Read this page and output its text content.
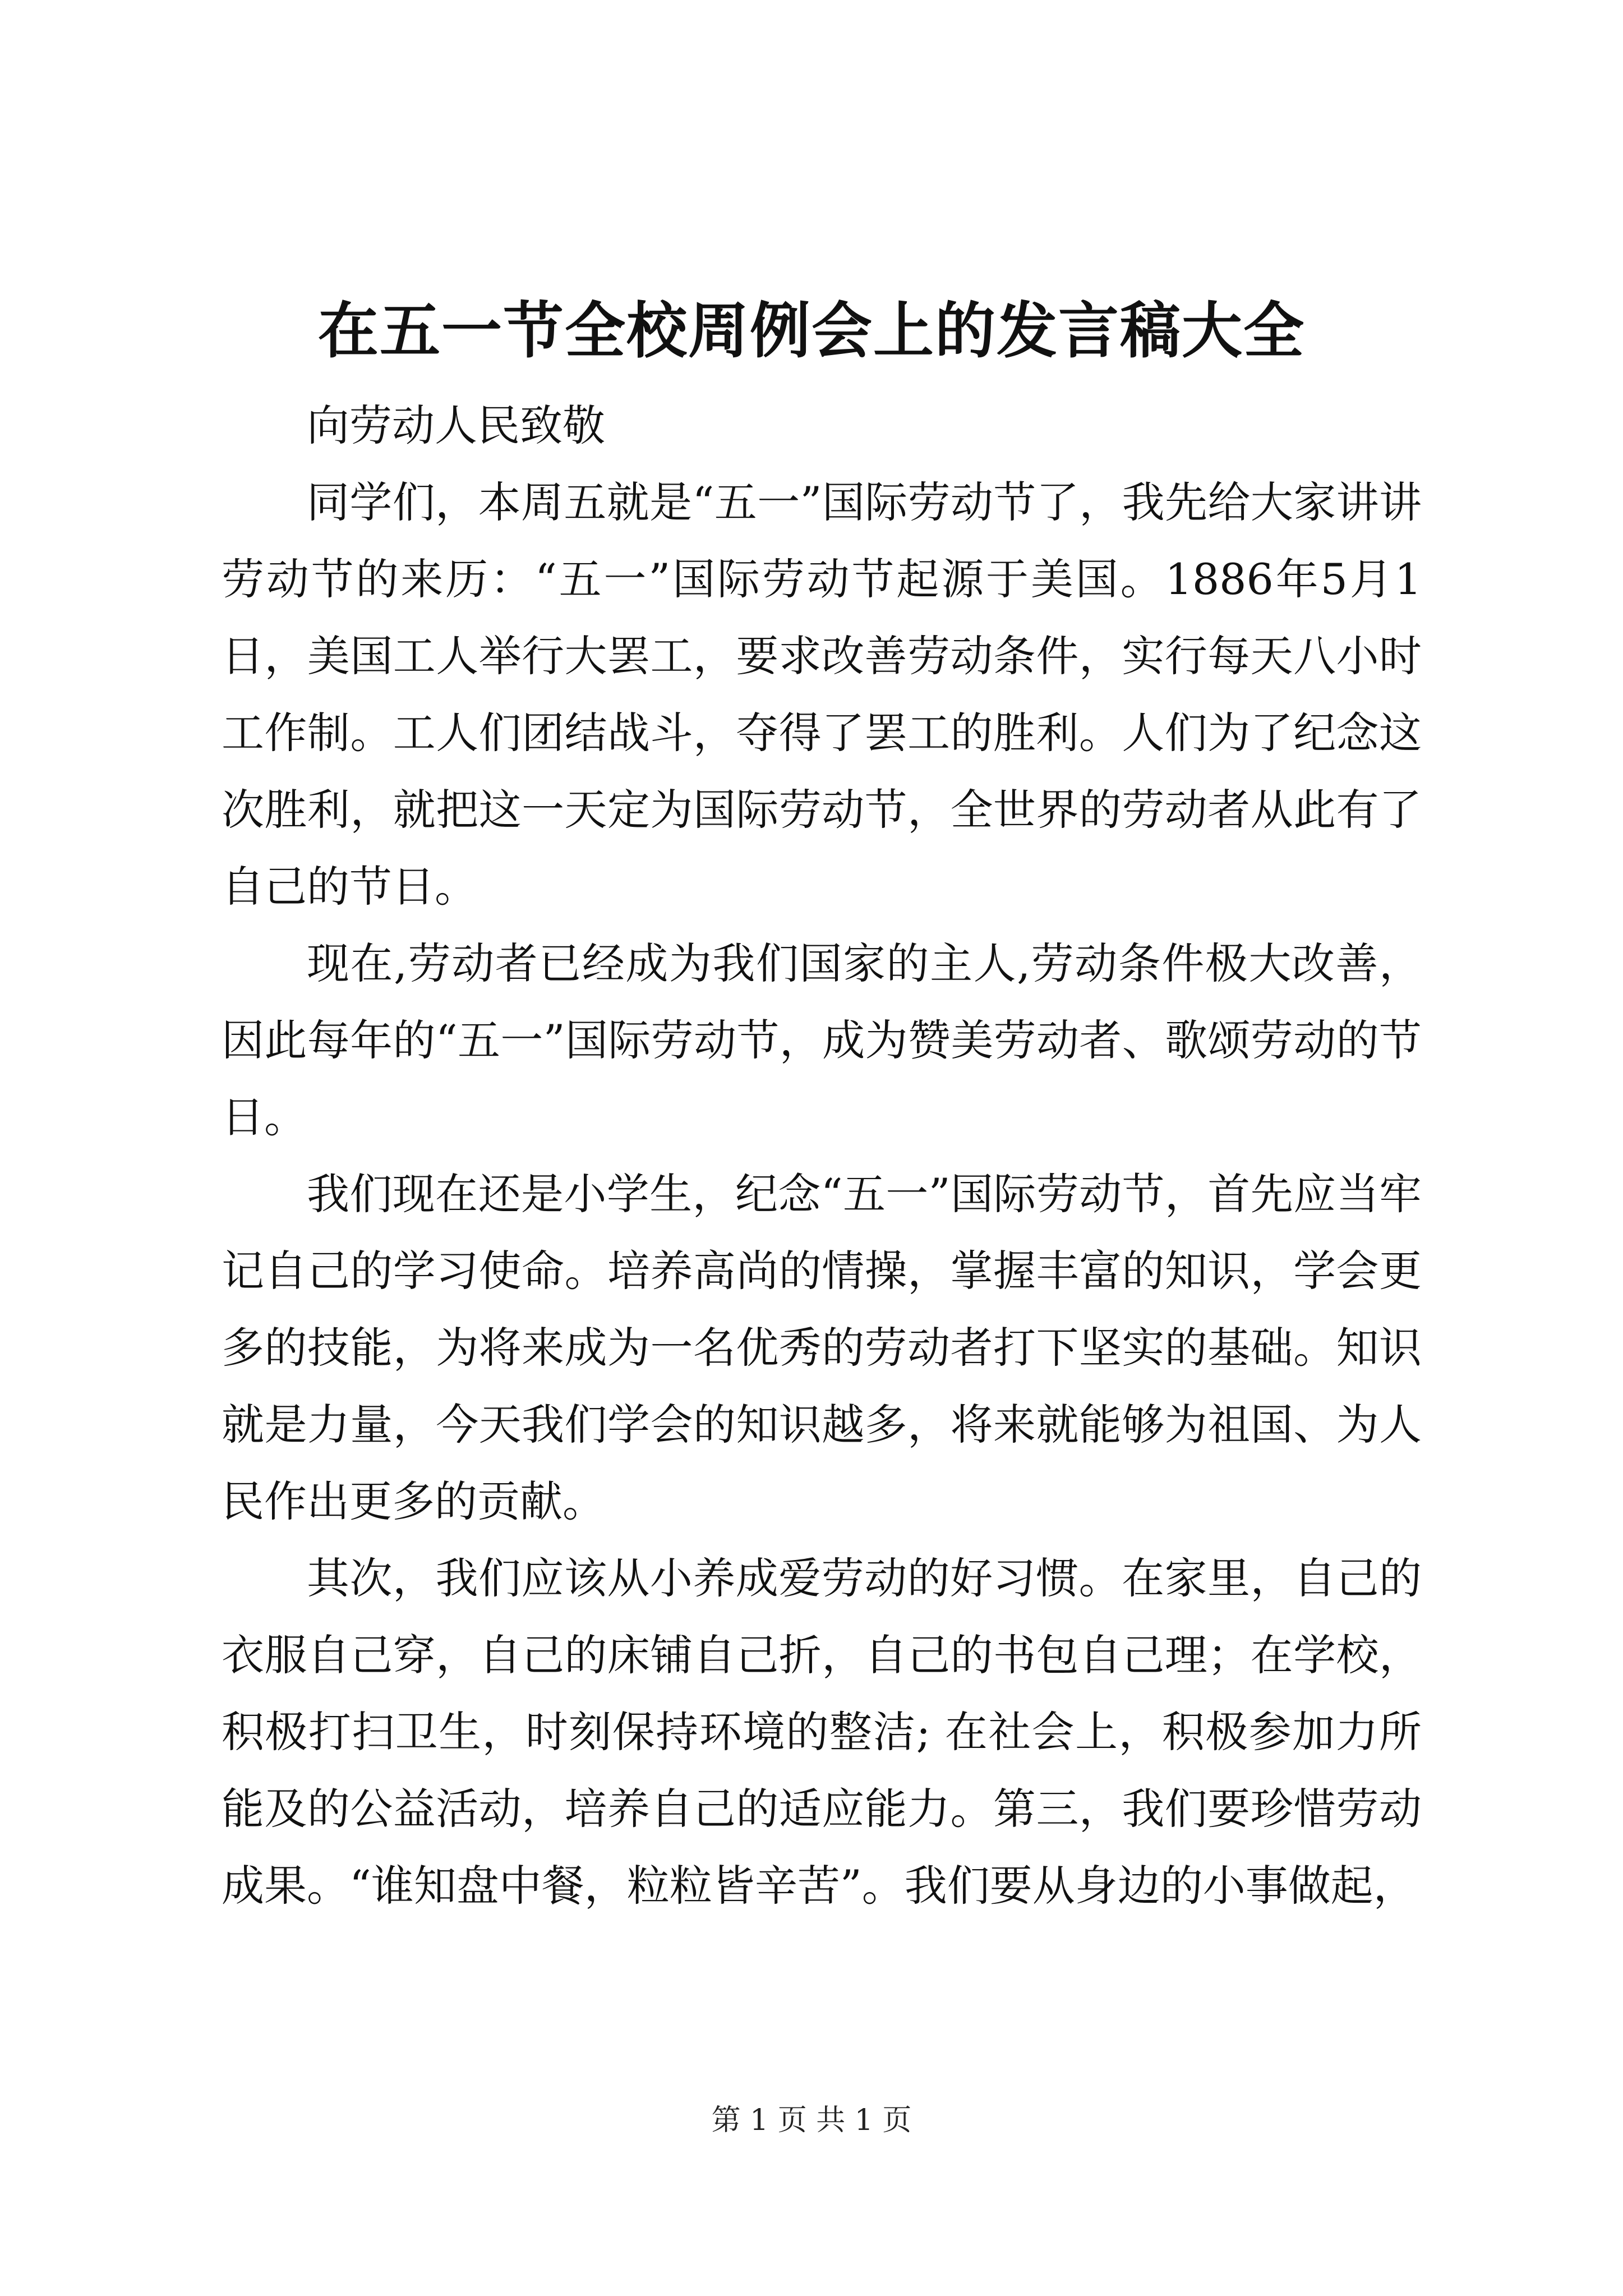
在五一节全校周例会上的发言稿大全

向劳动人民致敬

同学们，本周五就是“五一”国际劳动节了，我先给大家讲讲劳动节的来历：“五一”国际劳动节起源于美国。1886年5月1日，美国工人举行大罢工，要求改善劳动条件，实行每天八小时工作制。工人们团结战斗，夺得了罢工的胜利。人们为了纪念这次胜利，就把这一天定为国际劳动节，全世界的劳动者从此有了自己的节日。

现在,劳动者已经成为我们国家的主人,劳动条件极大改善，因此每年的“五一”国际劳动节，成为赞美劳动者、歌颂劳动的节日。

我们现在还是小学生，纪念“五一”国际劳动节，首先应当牢记自己的学习使命。培养高尚的情操，掌握丰富的知识，学会更多的技能，为将来成为一名优秀的劳动者打下坚实的基础。知识就是力量，今天我们学会的知识越多，将来就能够为祖国、为人民作出更多的贡献。

其次，我们应该从小养成爱劳动的好习惯。在家里，自己的衣服自己穿，自己的床铺自己折，自己的书包自己理；在学校，积极打扫卫生，时刻保持环境的整洁; 在社会上，积极参加力所能及的公益活动，培养自己的适应能力。第三，我们要珍惜劳动成果。“谁知盘中餐，粒粒皆辛苦”。我们要从身边的小事做起，

第 1 页 共 1 页
